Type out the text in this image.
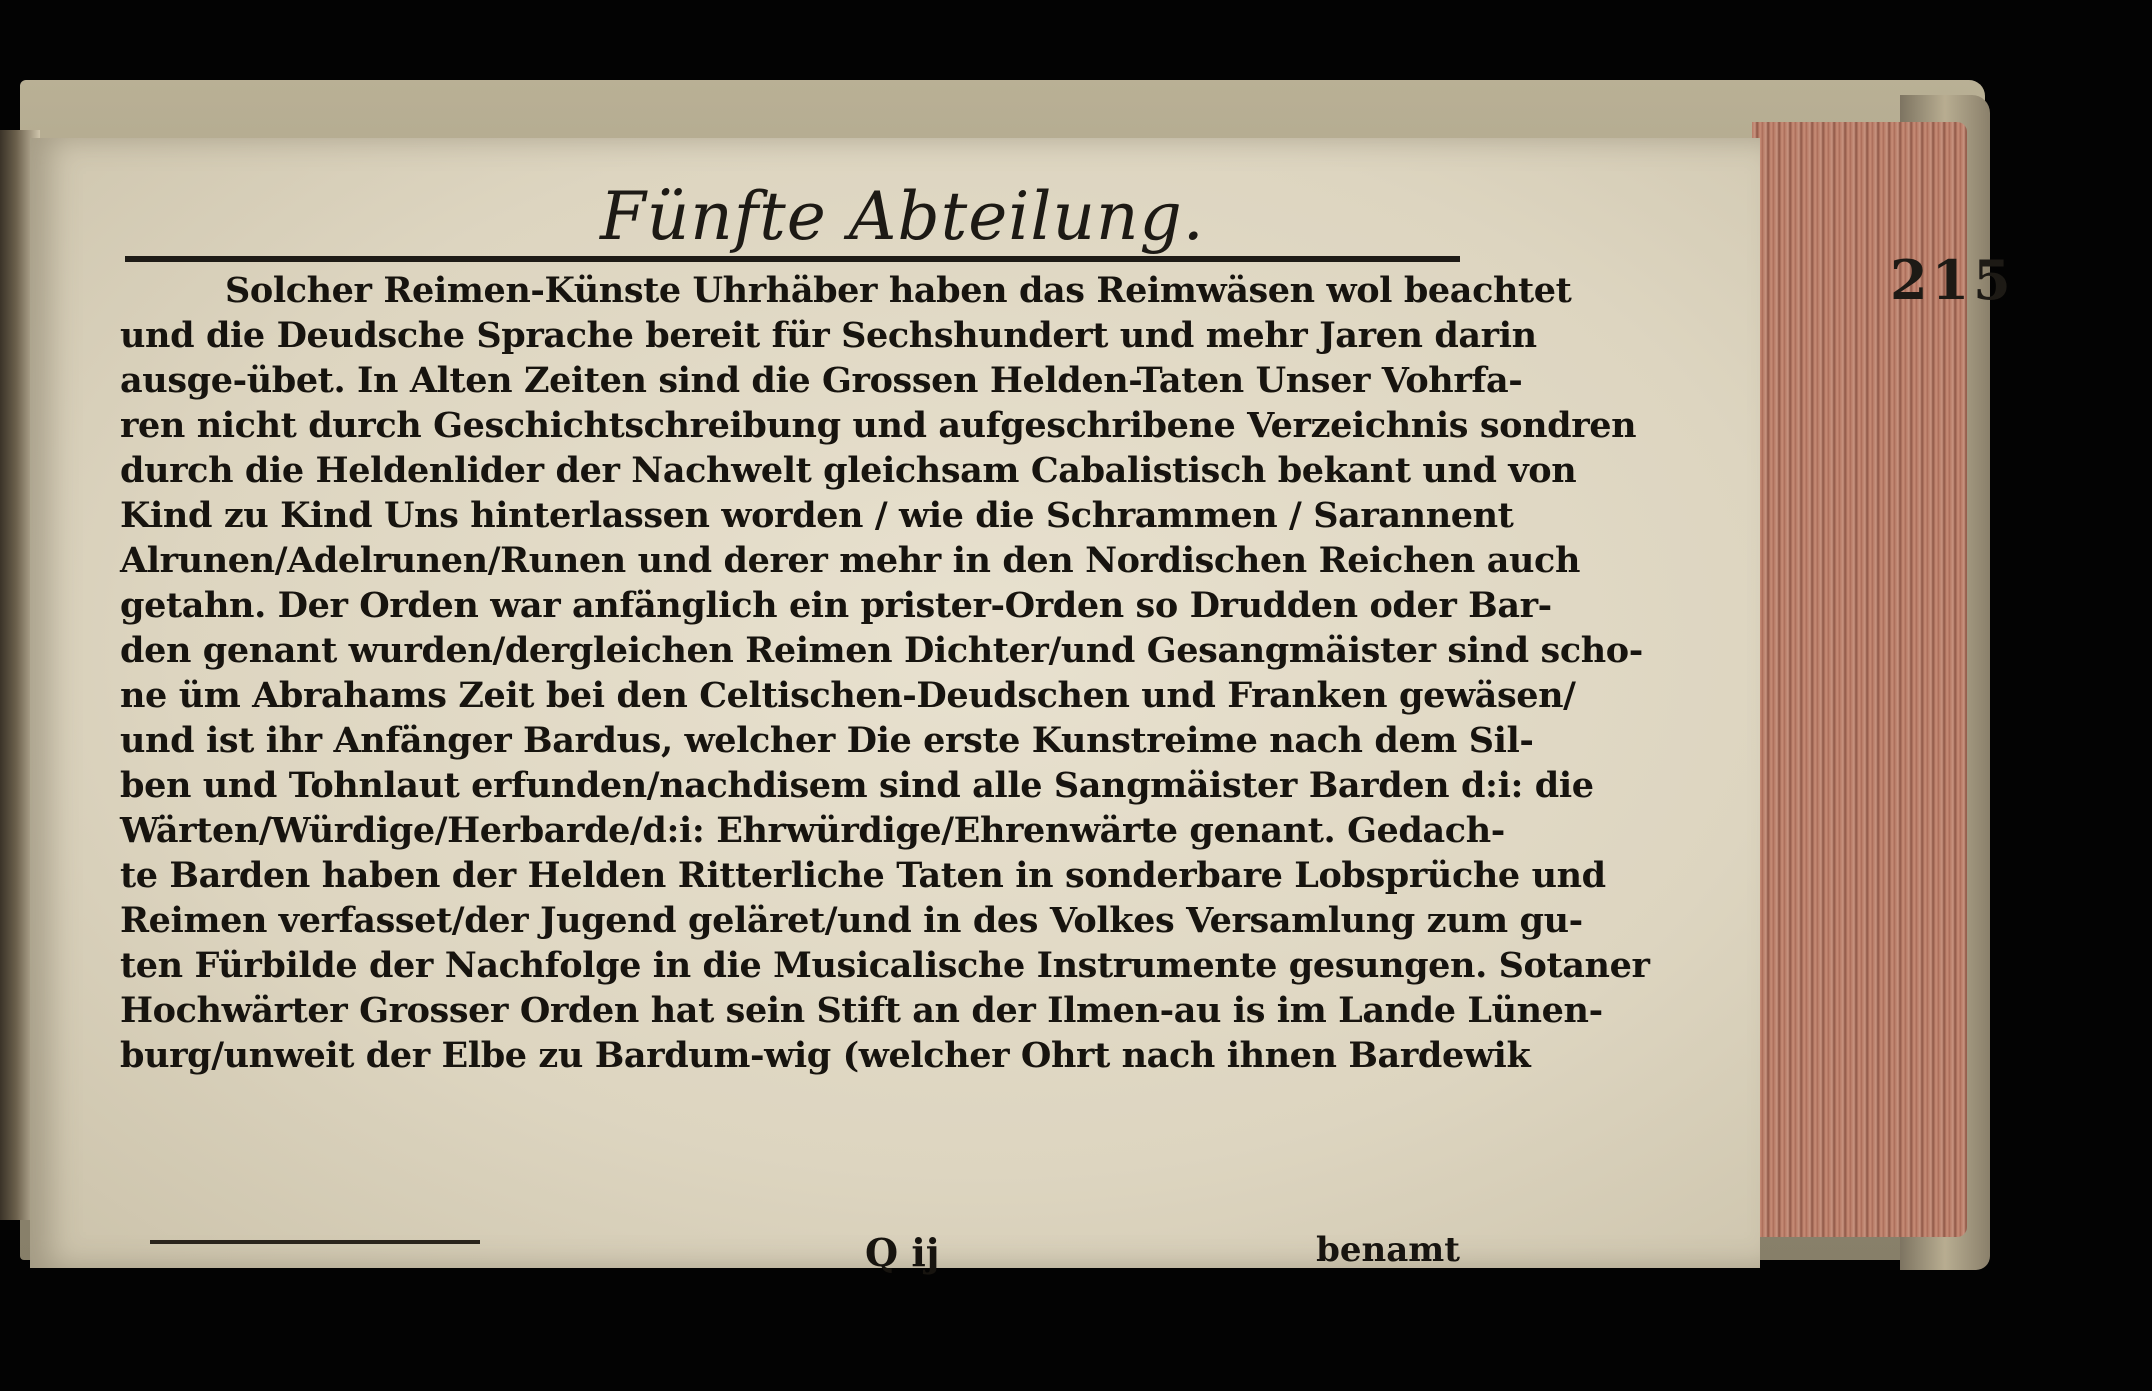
Fünfte Abteilung.
215
Solcher Reimen-Künste Uhrhäber haben das Reimwäsen wol beachtet
und die Deudsche Sprache bereit für Sechshundert und mehr Jaren darin
ausge-übet. In Alten Zeiten sind die Grossen Helden-Taten Unser Vohrfa-
ren nicht durch Geschichtschreibung und aufgeschribene Verzeichnis sondren
durch die Heldenlider der Nachwelt gleichsam Cabalistisch bekant und von
Kind zu Kind Uns hinterlassen worden / wie die Schrammen / Sarannent
Alrunen/Adelrunen/Runen und derer mehr in den Nordischen Reichen auch
getahn. Der Orden war anfänglich ein prister-Orden so Drudden oder Bar-
den genant wurden/dergleichen Reimen Dichter/und Gesangmäister sind scho-
ne üm Abrahams Zeit bei den Celtischen-Deudschen und Franken gewäsen/
und ist ihr Anfänger Bardus, welcher Die erste Kunstreime nach dem Sil-
ben und Tohnlaut erfunden/nachdisem sind alle Sangmäister Barden d:i: die
Wärten/Würdige/Herbarde/d:i: Ehrwürdige/Ehrenwärte genant. Gedach-
te Barden haben der Helden Ritterliche Taten in sonderbare Lobsprüche und
Reimen verfasset/der Jugend geläret/und in des Volkes Versamlung zum gu-
ten Fürbilde der Nachfolge in die Musicalische Instrumente gesungen. Sotaner
Hochwärter Grosser Orden hat sein Stift an der Ilmen-au is im Lande Lünen-
burg/unweit der Elbe zu Bardum-wig (welcher Ohrt nach ihnen Bardewik
Q ij	benamt
